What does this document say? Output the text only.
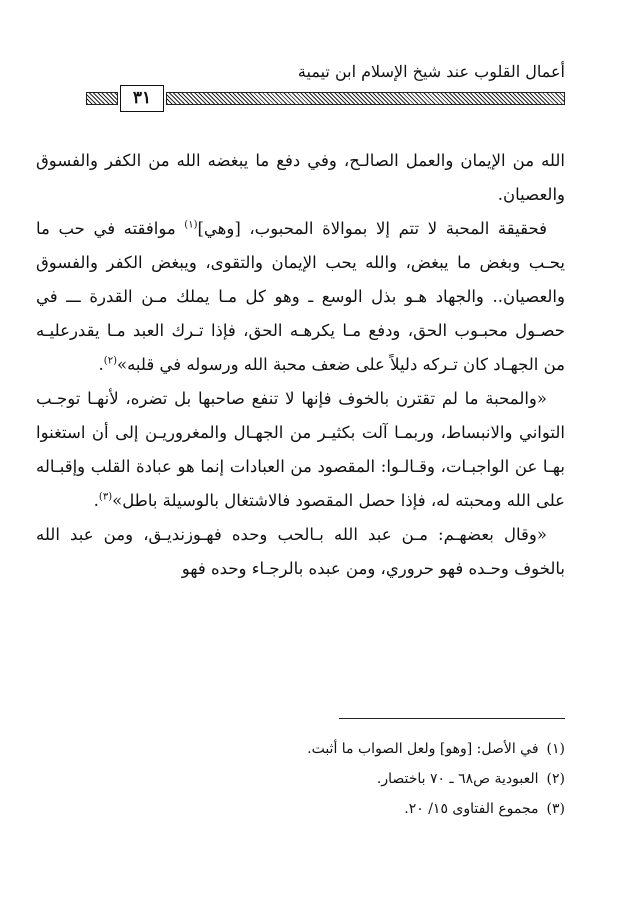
أعمال القلوب عند شيخ الإسلام ابن تيمية
٣١

الله من الإيمان والعمل الصالـح، وفي دفع ما يبغضه الله من الكفر والفسوق والعصيان.

فحقيقة المحبة لا تتم إلا بموالاة المحبوب، [وهي]$^{(١)}$ موافقته في حب ما يحـب وبغض ما يبغض، والله يحب الإيمان والتقوى، ويبغض الكفر والفسوق والعصيان.. والجهاد هـو بذل الوسع ـ وهو كل مـا يملك مـن القدرة ـــ في حصـول محبـوب الحق، ودفع مـا يكرهـه الحق، فإذا تـرك العبد مـا يقدرعليـه من الجهـاد كان تـركه دليلاً على ضعف محبة الله ورسوله في قلبه»$^{(٢)}$.

«والمحبة ما لم تقترن بالخوف فإنها لا تنفع صاحبها بل تضره، لأنهـا توجـب التواني والانبساط، وربمـا آلت بكثيـر من الجهـال والمغروريـن إلى أن استغنوا بهـا عن الواجبـات، وقـالـوا: المقصود من العبادات إنما هو عبادة القلب وإقبـاله على الله ومحبته له، فإذا حصل المقصود فالاشتغال بالوسيلة باطل»$^{(٣)}$.

«وقال بعضهـم: مـن عبد الله بـالحب وحده فهـوزنديـق، ومن عبد الله بالخوف وحـده فهو حروري، ومن عبده بالرجـاء وحده فهو

(١)في الأصل: [وهو] ولعل الصواب ما أثبت.
(٢)العبودية ص٦٨ ـ ٧٠ باختصار.
(٣)مجموع الفتاوى ١٥/ ٢٠.
